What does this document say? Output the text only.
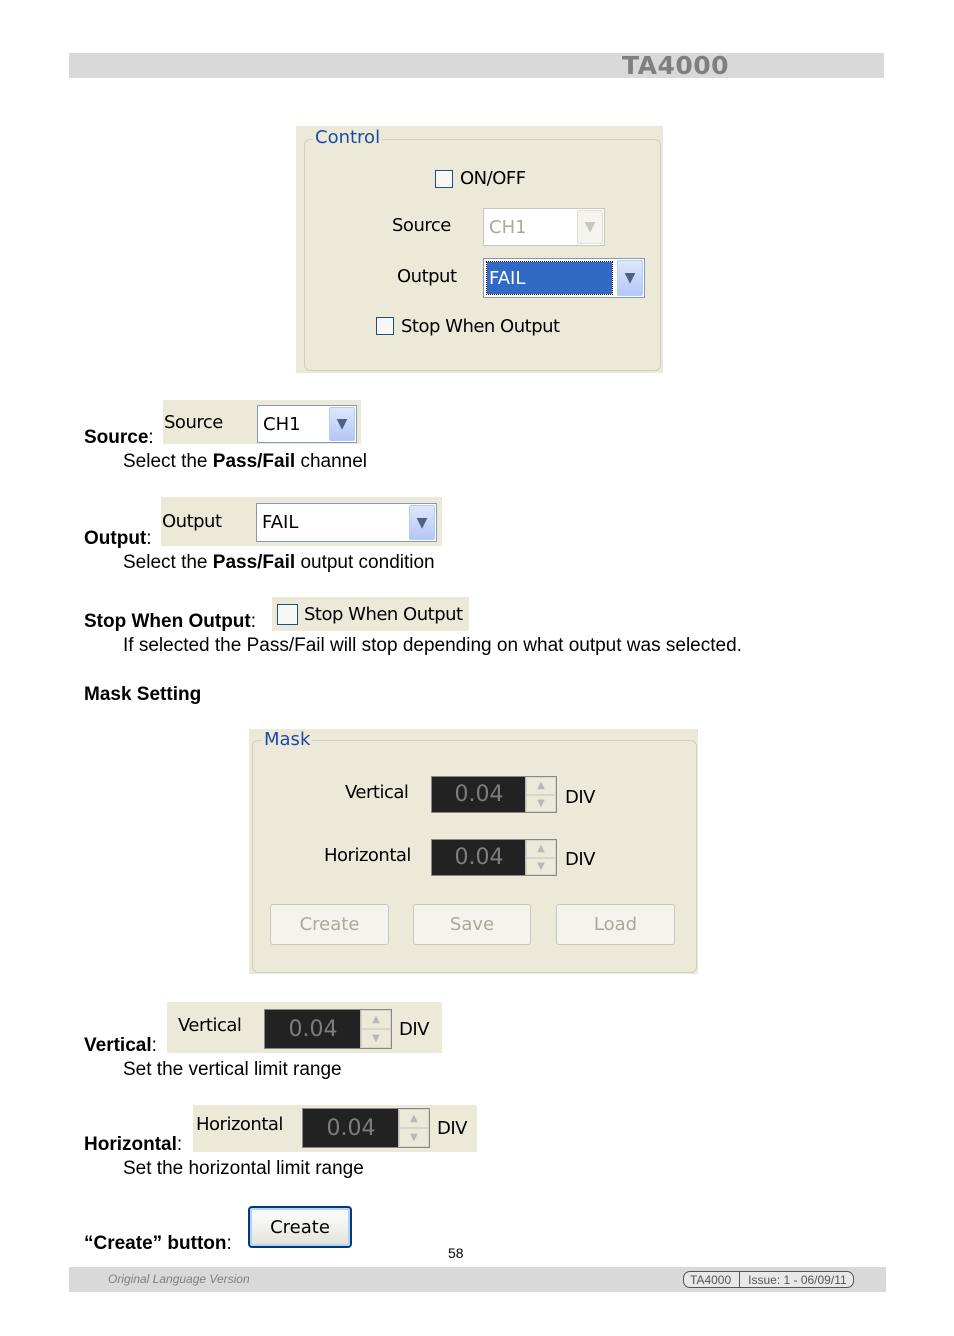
TA4000
Control
ON/OFF
Source CH1	▼
Output FAIL	▼
Stop When Output
Source:
Source CH1	▼
Select the Pass/Fail channel
Output:
Output FAIL	▼
Select the Pass/Fail output condition
Stop When Output:	Stop When Output
If selected the Pass/Fail will stop depending on what output was selected.
Mask Setting
Mask
Vertical	0.04	▲
▼	DIV
Horizontal	0.04	▲
▼	DIV
Create	Save	Load
Vertical:
Vertical	0.04	▲
▼	DIV
Set the vertical limit range
Horizontal:
Horizontal	0.04	▲
▼	DIV
Set the horizontal limit range
“Create” button:
Create
58
Original Language Version	TA4000 Issue: 1 - 06/09/11
